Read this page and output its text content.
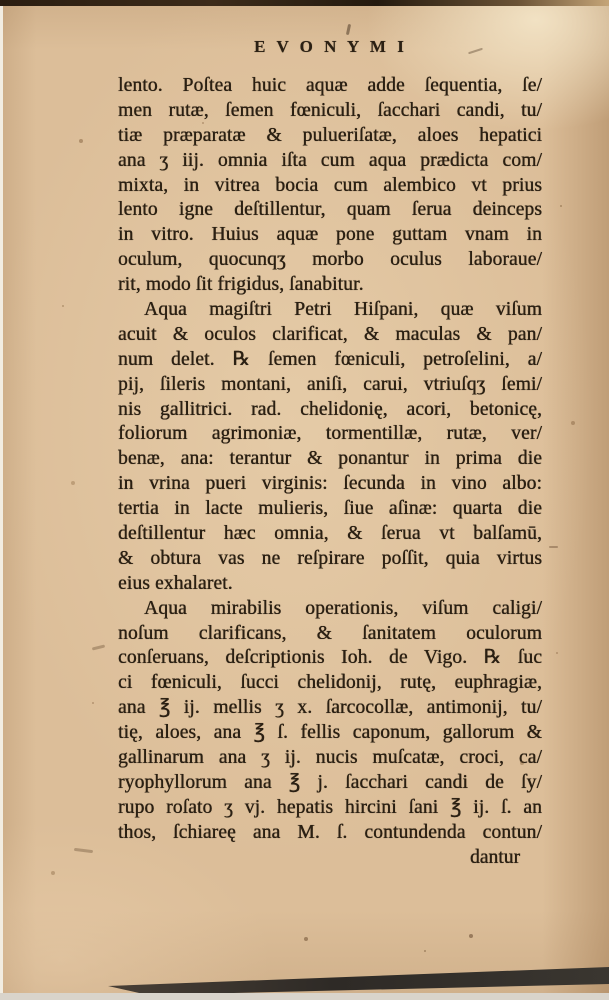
E V O N Y M I
lento. Poſtea huic aquæ adde ſequentia, ſe/
men rutæ, ſemen fœniculi, ſacchari candi, tu/
tiæ præparatæ & pulueriſatæ, aloes hepatici
ana ʒ iij. omnia iſta cum aqua prædicta com/
mixta, in vitrea bocia cum alembico vt prius
lento igne deſtillentur, quam ſerua deinceps
in vitro. Huius aquæ pone guttam vnam in
oculum, quocunqʒ morbo oculus laboraue/
rit, modo ſit frigidus, ſanabitur.
Aqua magiſtri Petri Hiſpani, quæ viſum
acuit & oculos clarificat, & maculas & pan/
num delet. ℞ ſemen fœniculi, petroſelini, a/
pij, ſileris montani, aniſi, carui, vtriuſqʒ ſemi/
nis gallitrici. rad. chelidonię, acori, betonicę,
foliorum agrimoniæ, tormentillæ, rutæ, ver/
benæ, ana: terantur & ponantur in prima die
in vrina pueri virginis: ſecunda in vino albo:
tertia in lacte mulieris, ſiue aſinæ: quarta die
deſtillentur hæc omnia, & ſerua vt balſamū,
& obtura vas ne reſpirare poſſit, quia virtus
eius exhalaret.
Aqua mirabilis operationis, viſum caligi/
noſum clarificans, & ſanitatem oculorum
conſeruans, deſcriptionis Ioh. de Vigo. ℞ ſuc
ci fœniculi, ſucci chelidonij, rutę, euphragiæ,
ana ℥ ij. mellis ʒ x. ſarcocollæ, antimonij, tu/
tię, aloes, ana ℥ ſ. fellis caponum, gallorum &
gallinarum ana ʒ ij. nucis muſcatæ, croci, ca/
ryophyllorum ana ℥ j. ſacchari candi de ſy/
rupo roſato ʒ vj. hepatis hircini ſani ℥ ij. ſ. an
thos, ſchiareę ana M. ſ. contundenda contun/
dantur
